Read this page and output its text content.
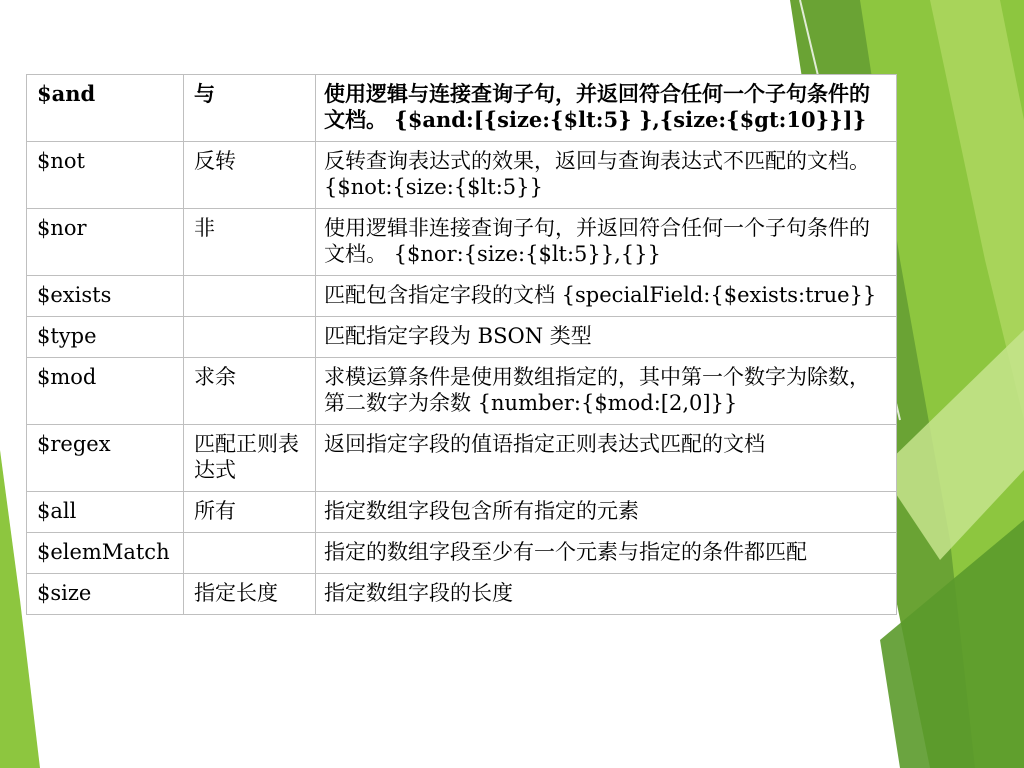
$and	与	使用逻辑与连接查询子句，并返回符合任何一个子句条件的文档。 {$and:[{size:{$lt:5} },{size:{$gt:10}}]}
$not	反转	反转查询表达式的效果，返回与查询表达式不匹配的文档。 {$not:{size:{$lt:5}}
$nor	非	使用逻辑非连接查询子句，并返回符合任何一个子句条件的文档。 {$nor:{size:{$lt:5}},{}}
$exists		匹配包含指定字段的文档 {specialField:{$exists:true}}
$type		匹配指定字段为 BSON 类型
$mod	求余	求模运算条件是使用数组指定的，其中第一个数字为除数，第二数字为余数 {number:{$mod:[2,0]}}
$regex	匹配正则表达式	返回指定字段的值语指定正则表达式匹配的文档
$all	所有	指定数组字段包含所有指定的元素
$elemMatch		指定的数组字段至少有一个元素与指定的条件都匹配
$size	指定长度	指定数组字段的长度
